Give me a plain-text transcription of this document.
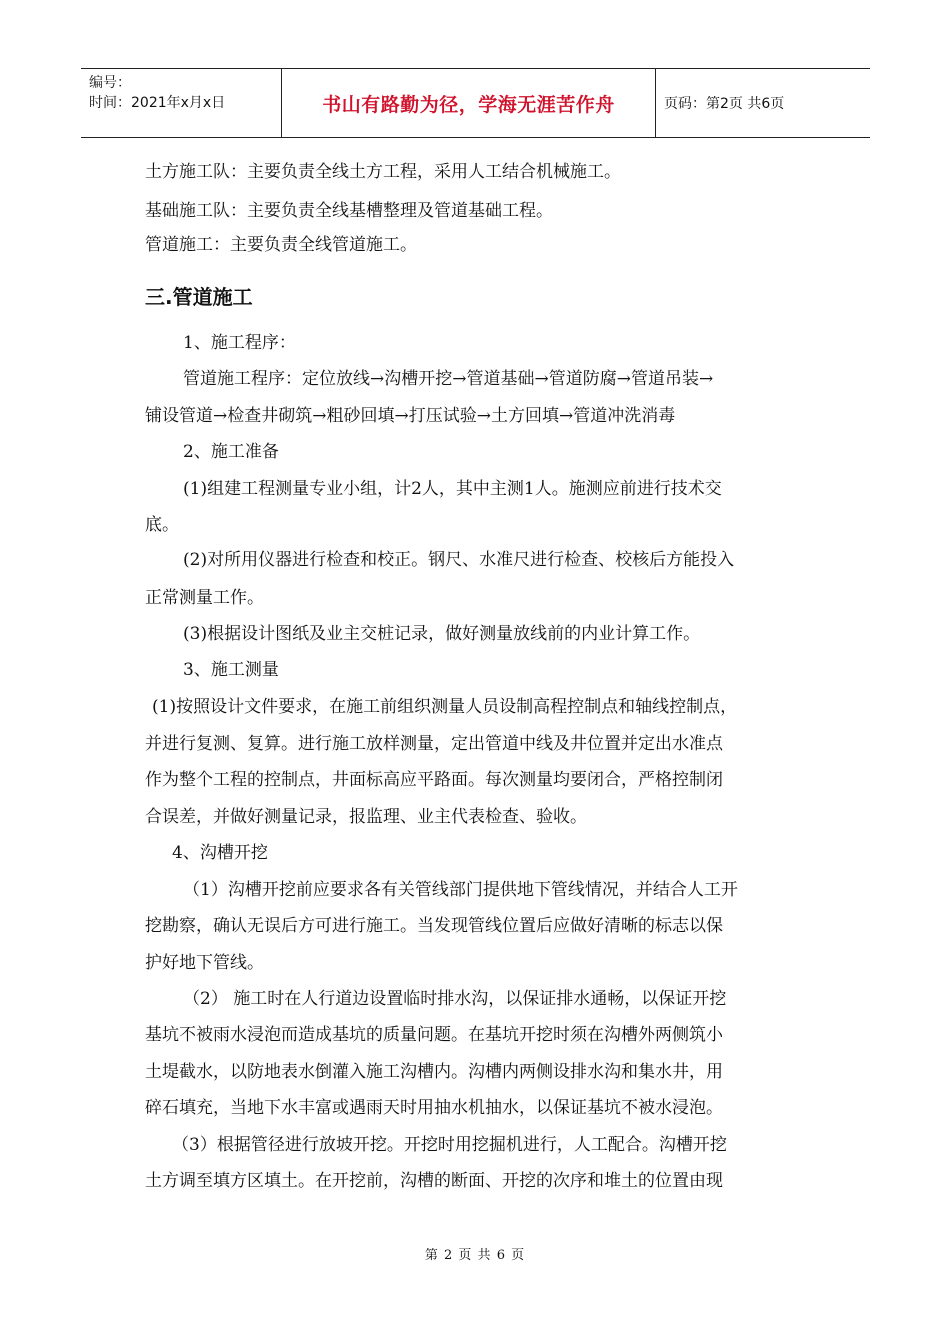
编号：
时间：2021年x月x日	书山有路勤为径，学海无涯苦作舟	页码：第2页 共6页
土方施工队：主要负责全线土方工程，采用人工结合机械施工。
基础施工队：主要负责全线基槽整理及管道基础工程。
管道施工：主要负责全线管道施工。
三.管道施工
1、施工程序：
管道施工程序：定位放线→沟槽开挖→管道基础→管道防腐→管道吊装→
铺设管道→检查井砌筑→粗砂回填→打压试验→土方回填→管道冲洗消毒
2、施工准备
(1)组建工程测量专业小组，计2人，其中主测1人。施测应前进行技术交
底。
(2)对所用仪器进行检查和校正。钢尺、水准尺进行检查、校核后方能投入
正常测量工作。
(3)根据设计图纸及业主交桩记录，做好测量放线前的内业计算工作。
3、施工测量
(1)按照设计文件要求，在施工前组织测量人员设制高程控制点和轴线控制点，
并进行复测、复算。进行施工放样测量，定出管道中线及井位置并定出水准点
作为整个工程的控制点，井面标高应平路面。每次测量均要闭合，严格控制闭
合误差，并做好测量记录，报监理、业主代表检查、验收。
4、沟槽开挖
（1）沟槽开挖前应要求各有关管线部门提供地下管线情况，并结合人工开
挖勘察，确认无误后方可进行施工。当发现管线位置后应做好清晰的标志以保
护好地下管线。
（2） 施工时在人行道边设置临时排水沟，以保证排水通畅，以保证开挖
基坑不被雨水浸泡而造成基坑的质量问题。在基坑开挖时须在沟槽外两侧筑小
土堤截水，以防地表水倒灌入施工沟槽内。沟槽内两侧设排水沟和集水井，用
碎石填充，当地下水丰富或遇雨天时用抽水机抽水，以保证基坑不被水浸泡。
（3）根据管径进行放坡开挖。开挖时用挖掘机进行，人工配合。沟槽开挖
土方调至填方区填土。在开挖前，沟槽的断面、开挖的次序和堆土的位置由现
第 2 页 共 6 页
